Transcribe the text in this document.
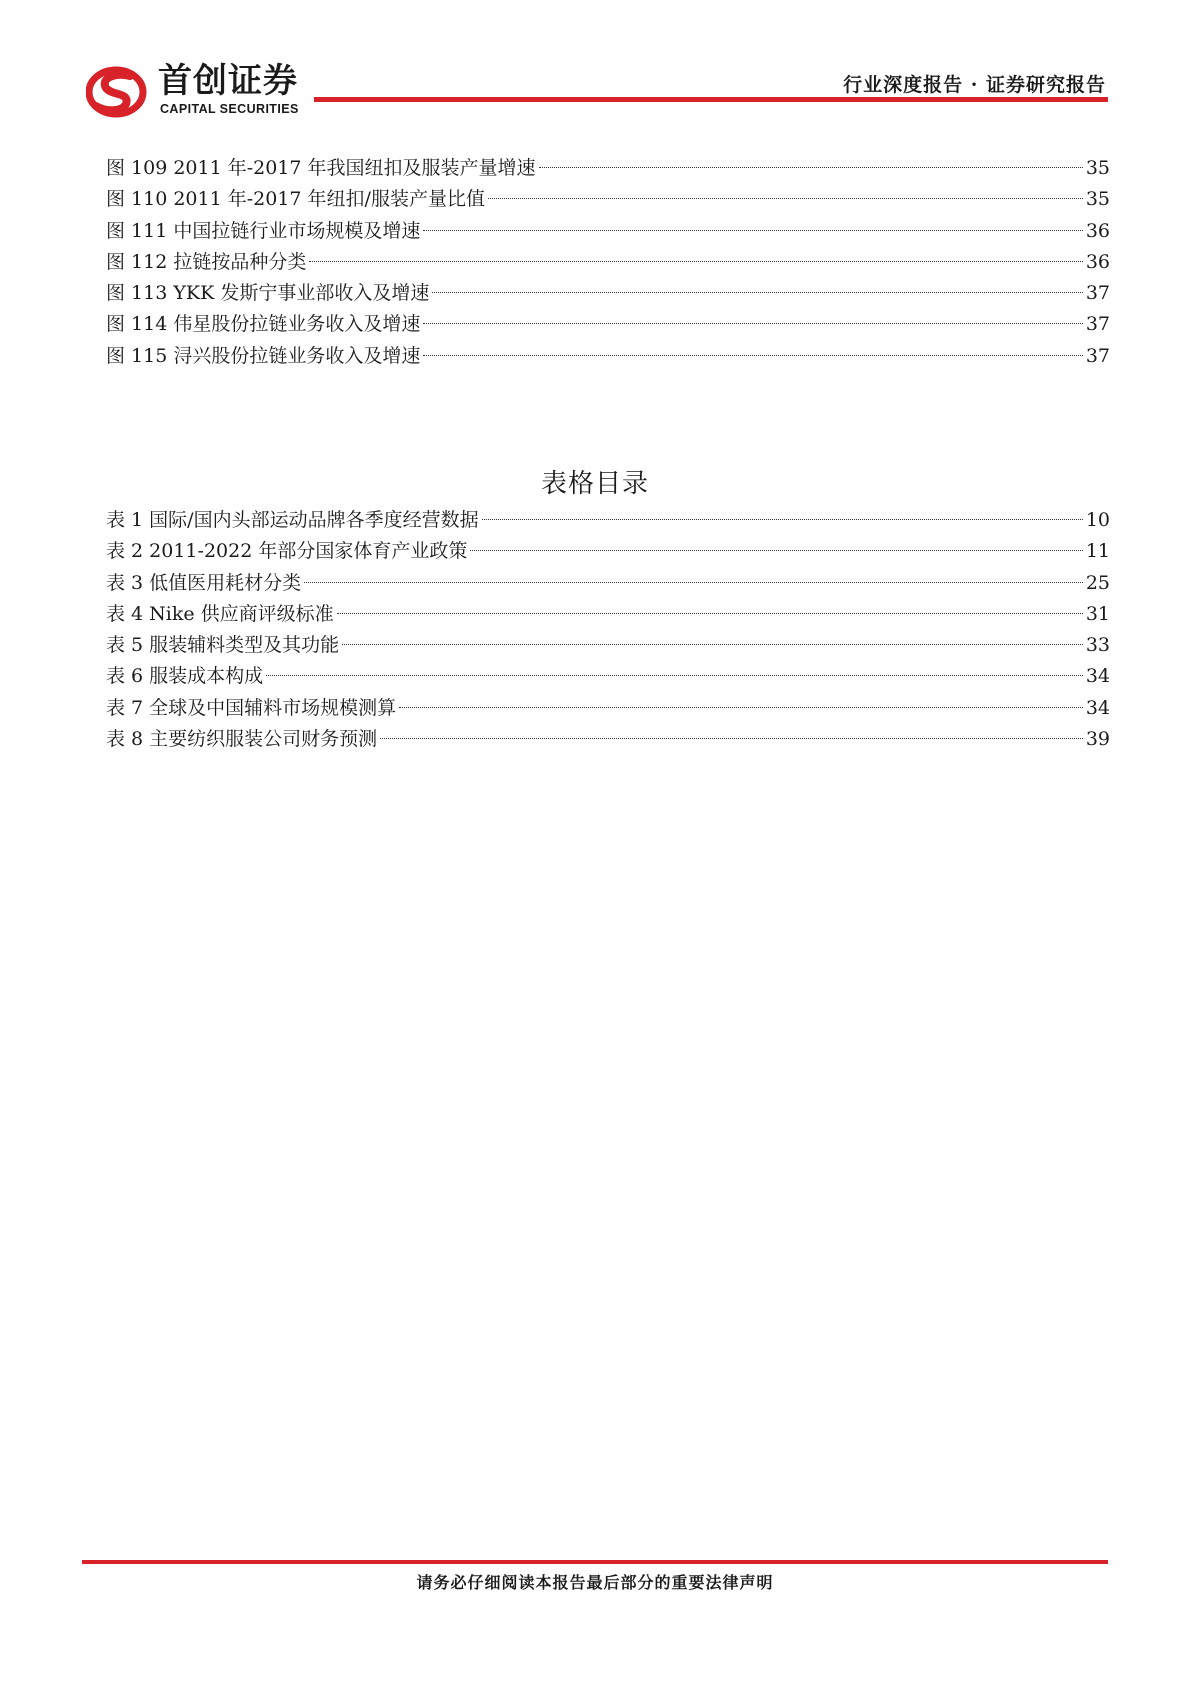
首创证券
CAPITAL SECURITIES
行业深度报告 · 证券研究报告
图 109 2011 年-2017 年我国纽扣及服装产量增速	35
图 110 2011 年-2017 年纽扣/服装产量比值	35
图 111 中国拉链行业市场规模及增速	36
图 112 拉链按品种分类	36
图 113 YKK 发斯宁事业部收入及增速	37
图 114 伟星股份拉链业务收入及增速	37
图 115 浔兴股份拉链业务收入及增速	37
表格目录
表 1 国际/国内头部运动品牌各季度经营数据	10
表 2 2011-2022 年部分国家体育产业政策	11
表 3 低值医用耗材分类	25
表 4 Nike 供应商评级标准	31
表 5 服装辅料类型及其功能	33
表 6 服装成本构成	34
表 7 全球及中国辅料市场规模测算	34
表 8 主要纺织服装公司财务预测	39
请务必仔细阅读本报告最后部分的重要法律声明
